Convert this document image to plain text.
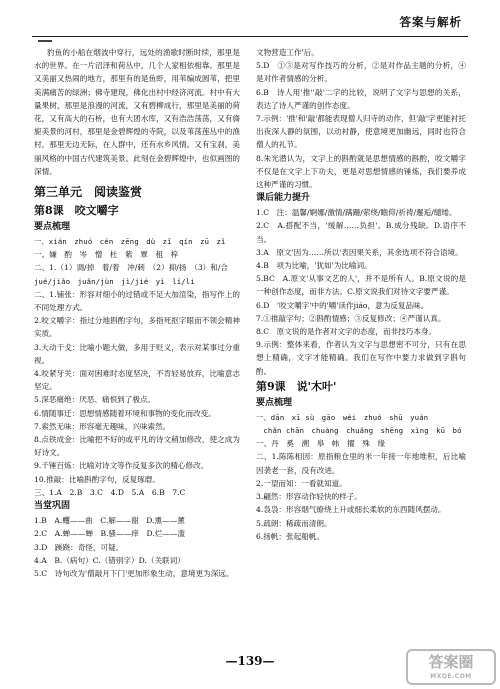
答案与解析

豹鱼的小船在烟波中穿行，远处的渔歌时断时续，那里是水的世界。在一片沼泽和荷丛中，几个人家相依相靠。那里是又美丽又热闹的地方，那里有的是鱼虾，用苇编成圆苇，把里美满痛苦的绿洲；佛寺建现，佛化出村中经济河流。村中有大量果树，那里是浪漫的河流，又有碧柳成行，那里是美丽的荷花，又有高大的石桥，也有大团水库，又有浩浩荡荡，又有旖旎美景的河村，那里是金碧辉煌的寺院，以及苇荡莲丛中的渔村，那里无边无际，在人群中，还有水乡风情。又有宝刹，美丽风格的中国古代建筑美景。此刻在金碧辉煌中，也似画图的深情。

第三单元　阅读鉴赏

第8课　咬文嚼字

要点梳理

一、xián　zhuó　cén　zēng　dù　zǐ　qín　zū　zǐ

一、嫌　酌　岑　憎　杜　紫　覃　租　梓

二、1.（1）调/掉　着/着　冲/刺　（2）抑/扬　（3）和/合

jué/jiǎo　juǎn/jùn　jì/jié　yì　lí/li

二、1.铺张：形容对细小的过错或不足大加渲染，指写作上的不同处理方式。

2.咬文嚼字：指过分地斟酌字句，多指死抠字眼而不领会精神实质。

3.大动干戈：比喻小题大做，多用于贬义，表示对某事过分重视。

4.咬紧牙关：面对困难时态度坚决，不肯轻易放弃，比喻意志坚定。

5.深恶痛绝：厌恶、痛恨到了极点。

6.情随事迁：思想情感随着环境和事物的变化而改变。

7.索然无味：形容毫无趣味，兴味索然。

8.点铁成金：比喻把不好的或平凡的诗文稍加修改，使之成为好诗文。

9.千锤百炼：比喻对诗文等作反复多次的精心修改。

10.推敲：比喻斟酌字句，反复琢磨。

三、1.A　2.B　3.C　4.D　5.A　6.B　7.C

当堂巩固

1.B　A.蠼——曲　C.解——谢　D.熏——薰

2.C　A.蝉——蝉　B.骚——痒　D.烂——滥

3.D　蹊跷：奇怪，可疑。

4.A　B.（病句）C.（错别字）D.（关联词）

5.C　诗句改为'僧敲月下门'更加形象生动，意境更为深远。

文物营造工作'后。

5.D　①③是对写作技巧的分析，②是对作品主题的分析，④是对作者情感的分析。

6.B　诗人用'推''敲'二字的比较，说明了文字与思想的关系，表达了诗人严谨的创作态度。

7.示例：'推'和'敲'都能表现僧人归寺的动作，但'敲'字更能衬托出夜深人静的氛围，以动衬静，使意境更加幽远，同时也符合僧人的礼节。

8.朱光潜认为，文字上的斟酌就是思想情感的斟酌，咬文嚼字不仅是在文字上下功夫，更是对思想情感的锤炼，我们要养成这种严谨的习惯。

课后能力提升

1.C　注：温馨/婀娜/激情/蹒跚/萦绕/瞻仰/祈祷/邂逅/缱绻。

2.C　A.搭配不当，'缓解……负担'。B.成分残缺。D.语序不当。

3.A　原文'因为……所以'表因果关系，其余选项不符合语境。

4.B　项为比喻，'犹如'为比喻词。

5.BC　A.原文'从事文艺的人'，并不是所有人。B.原文说的是一种创作态度，而非方法。C.原文说我们对待文字要严谨。

6.D　'咬文嚼字'中的'嚼'读作jiáo，意为反复品味。

7.①推敲字句；②斟酌情感；③反复修改；④严谨认真。

8.C　原文说的是作者对文字的态度，而非技巧本身。

9.示例：整体来看，作者认为文字与思想密不可分，只有在思想上精确，文字才能精确。我们在写作中要力求做到字斟句酌。

第9课　说'木叶'

要点梳理

一、dān　xī sù　gāo　wéi　zhuó　shū　yuán

　chǎn chān　chuàng　chuǎng　shēng　xìng　kū　bó

一、丹　奚　溯　皋　帏　擢　殊　缘

二、1.陈陈相因：原指粮仓里的米一年接一年地堆积，后比喻因袭老一套，没有改进。

2.一望而知：一看就知道。

3.翩然：形容动作轻快的样子。

4.袅袅：形容烟气缭绕上升或细长柔软的东西随风摆动。

5.疏朗：稀疏而清朗。

6.扬帆：张起船帆。

—139—	答案圈
MXQE.COM
